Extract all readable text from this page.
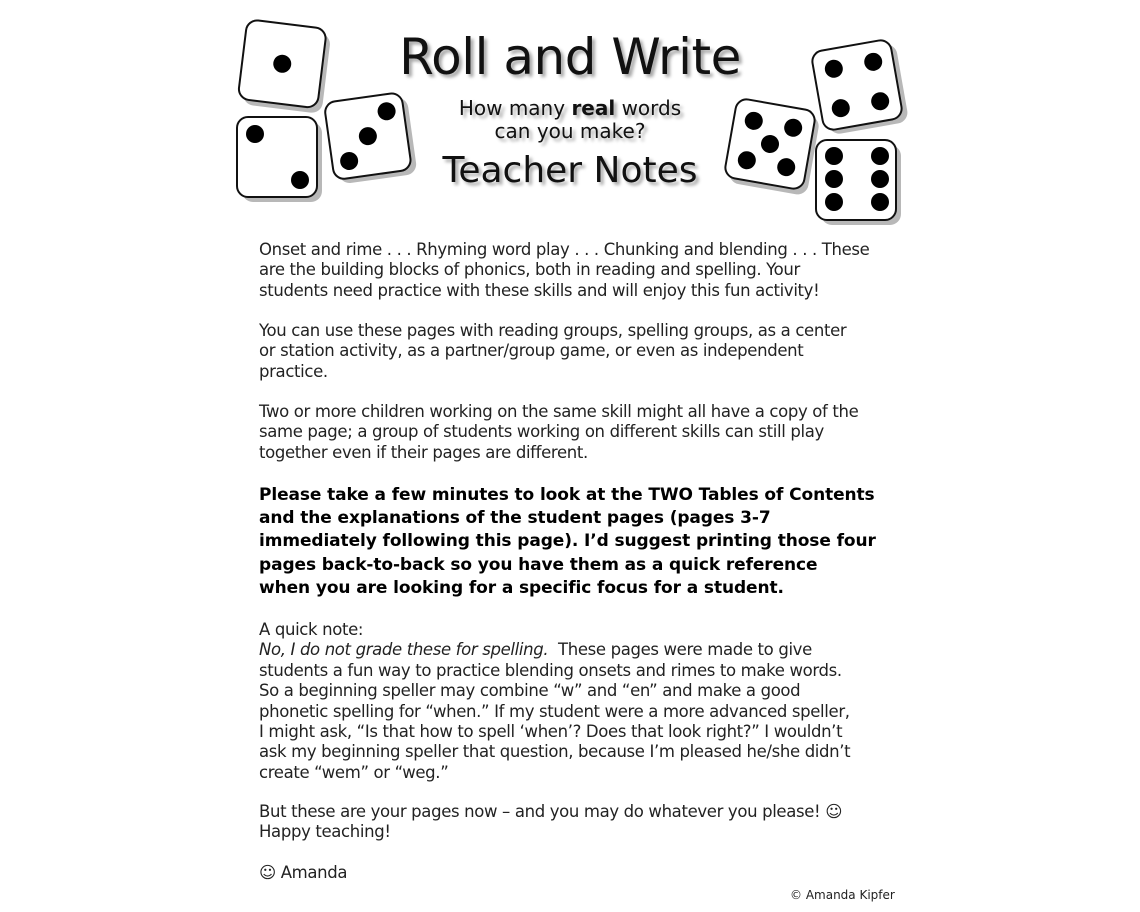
Roll and Write
How many real words
can you make?
Teacher Notes
Onset and rime . . . Rhyming word play . . . Chunking and blending . . . These
are the building blocks of phonics, both in reading and spelling. Your
students need practice with these skills and will enjoy this fun activity!
You can use these pages with reading groups, spelling groups, as a center
or station activity, as a partner/group game, or even as independent
practice.
Two or more children working on the same skill might all have a copy of the
same page; a group of students working on different skills can still play
together even if their pages are different.
Please take a few minutes to look at the TWO Tables of Contents
and the explanations of the student pages (pages 3-7
immediately following this page). I’d suggest printing those four
pages back-to-back so you have them as a quick reference
when you are looking for a specific focus for a student.
A quick note:
No, I do not grade these for spelling.  These pages were made to give
students a fun way to practice blending onsets and rimes to make words.
So a beginning speller may combine “w” and “en” and make a good
phonetic spelling for “when.” If my student were a more advanced speller,
I might ask, “Is that how to spell ‘when’? Does that look right?” I wouldn’t
ask my beginning speller that question, because I’m pleased he/she didn’t
create “wem” or “weg.”
But these are your pages now – and you may do whatever you please! ☺
Happy teaching!
☺ Amanda
© Amanda Kipfer
